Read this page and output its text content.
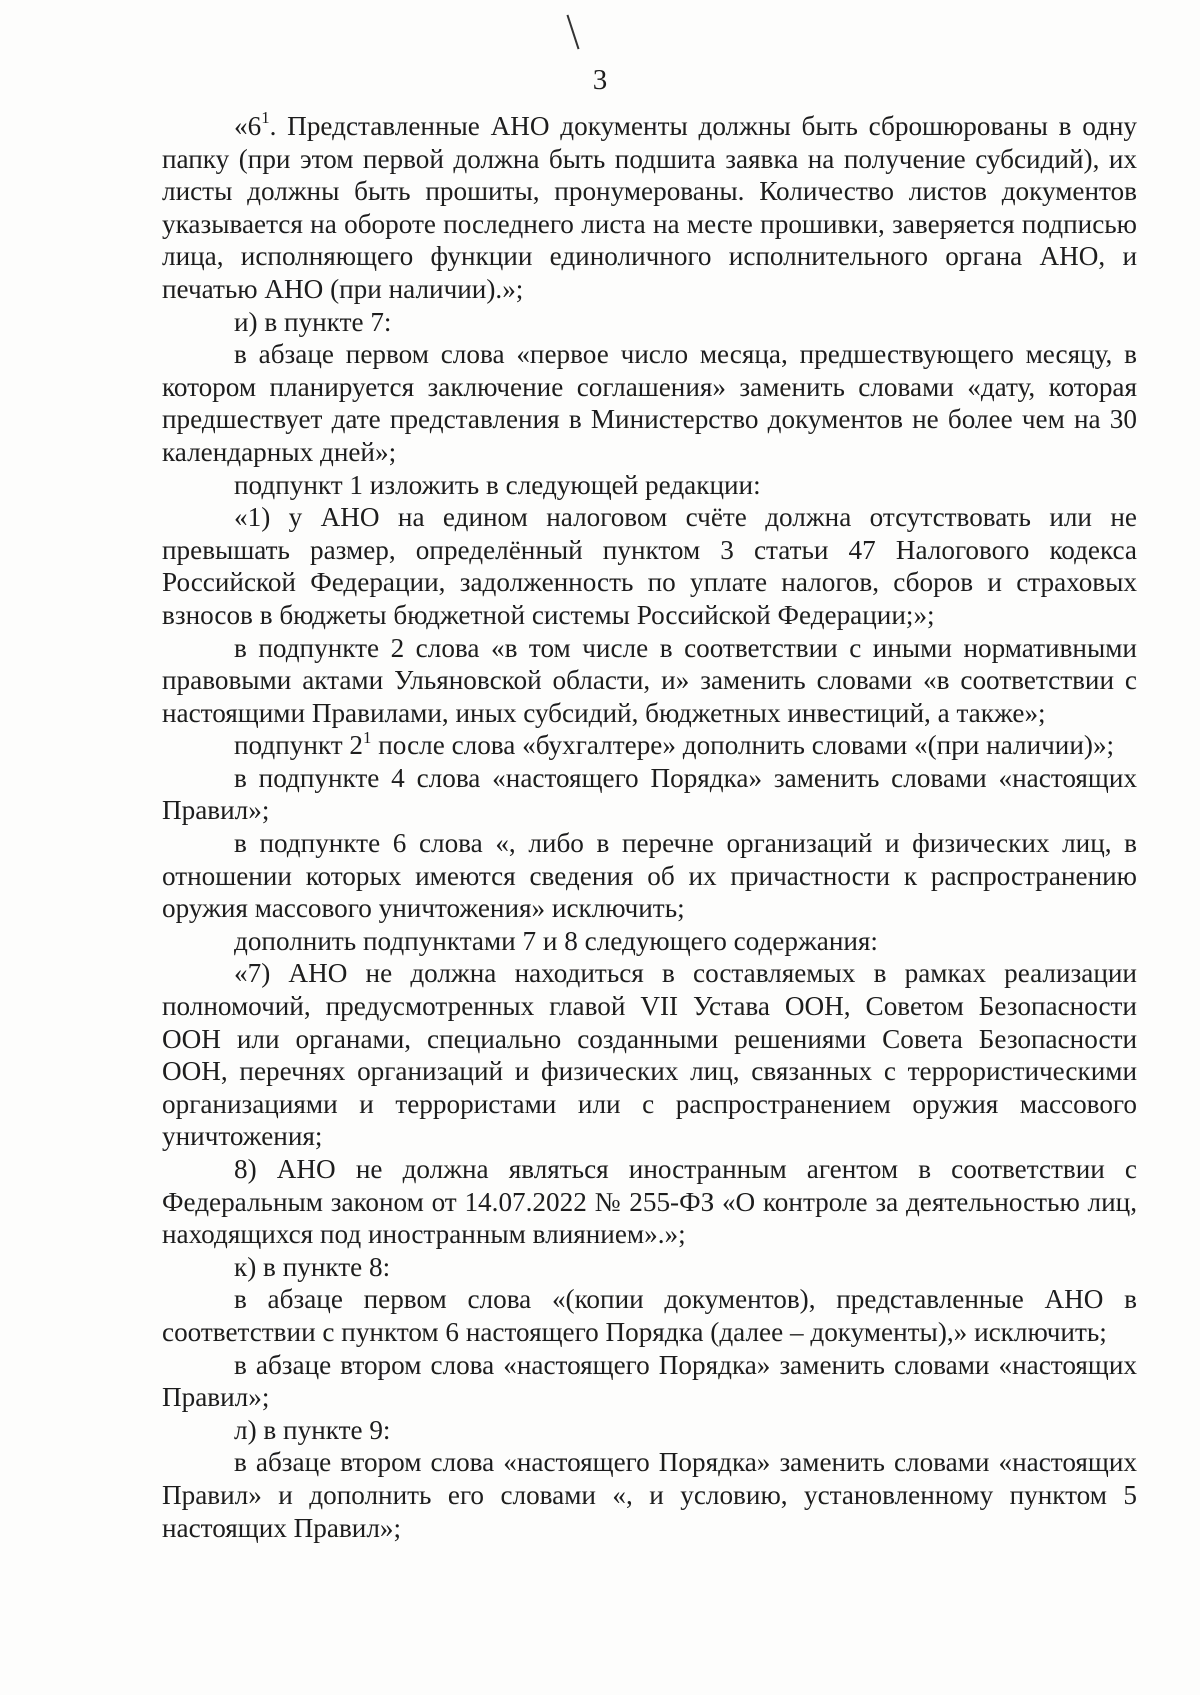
3
«$6^1$. Представленные АНО документы должны быть сброшюрованы в одну папку (при этом первой должна быть подшита заявка на получение субсидий), их листы должны быть прошиты, пронумерованы. Количество листов документов указывается на обороте последнего листа на месте прошивки, заверяется подписью лица, исполняющего функции единоличного исполнительного органа АНО, и печатью АНО (при наличии).»;
и) в пункте 7:
в абзаце первом слова «первое число месяца, предшествующего месяцу, в котором планируется заключение соглашения» заменить словами «дату, которая предшествует дате представления в Министерство документов не более чем на 30 календарных дней»;
подпункт 1 изложить в следующей редакции:
«1) у АНО на едином налоговом счёте должна отсутствовать или не превышать размер, определённый пунктом 3 статьи 47 Налогового кодекса Российской Федерации, задолженность по уплате налогов, сборов и страховых взносов в бюджеты бюджетной системы Российской Федерации;»;
в подпункте 2 слова «в том числе в соответствии с иными нормативными правовыми актами Ульяновской области, и» заменить словами «в соответствии с настоящими Правилами, иных субсидий, бюджетных инвестиций, а также»;
подпункт $2^1$ после слова «бухгалтере» дополнить словами «(при наличии)»;
в подпункте 4 слова «настоящего Порядка» заменить словами «настоящих Правил»;
в подпункте 6 слова «, либо в перечне организаций и физических лиц, в отношении которых имеются сведения об их причастности к распространению оружия массового уничтожения» исключить;
дополнить подпунктами 7 и 8 следующего содержания:
«7) АНО не должна находиться в составляемых в рамках реализации полномочий, предусмотренных главой VII Устава ООН, Советом Безопасности ООН или органами, специально созданными решениями Совета Безопасности ООН, перечнях организаций и физических лиц, связанных с террористическими организациями и террористами или с распространением оружия массового уничтожения;
8) АНО не должна являться иностранным агентом в соответствии с Федеральным законом от 14.07.2022 № 255-ФЗ «О контроле за деятельностью лиц, находящихся под иностранным влиянием».»;
к) в пункте 8:
в абзаце первом слова «(копии документов), представленные АНО в соответствии с пунктом 6 настоящего Порядка (далее – документы),» исключить;
в абзаце втором слова «настоящего Порядка» заменить словами «настоящих Правил»;
л) в пункте 9:
в абзаце втором слова «настоящего Порядка» заменить словами «настоящих Правил» и дополнить его словами «, и условию, установленному пунктом 5 настоящих Правил»;
